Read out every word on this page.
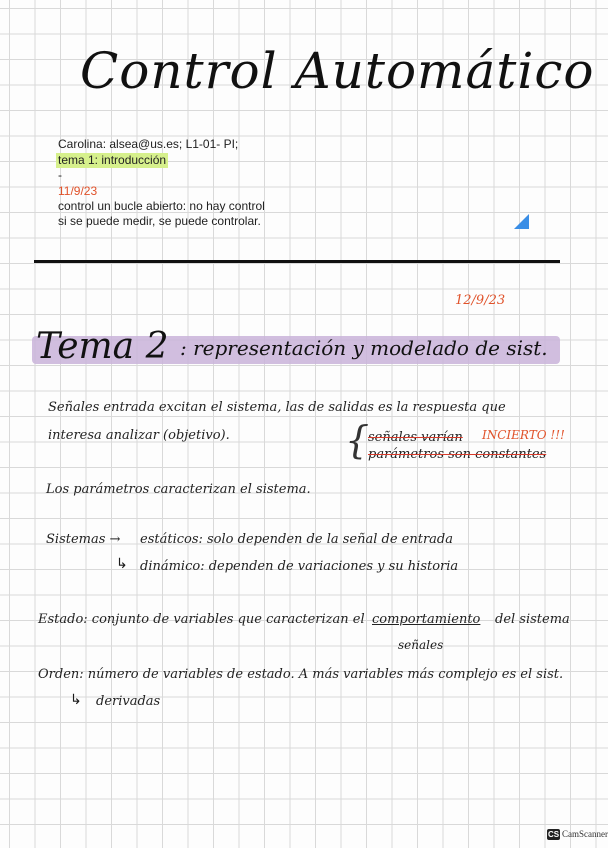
Control Automático
Carolina: alsea@us.es; L1-01- PI;
tema 1: introducción
-
11/9/23
control un bucle abierto: no hay control
si se puede medir, se puede controlar.
12/9/23
Tema 2 : representación y modelado de sist.
Señales entrada excitan el sistema, las de salidas es la respuesta que
interesa analizar (objetivo).	{
señales varían
parámetros son constantes
INCIERTO !!!
Los parámetros caracterizan el sistema.
Sistemas → estáticos: solo dependen de la señal de entrada
↳ dinámico: dependen de variaciones y su historia
Estado: conjunto de variables que caracterizan el comportamiento del sistema
señales
Orden: número de variables de estado. A más variables más complejo es el sist.
↳ derivadas
CS CamScanner
